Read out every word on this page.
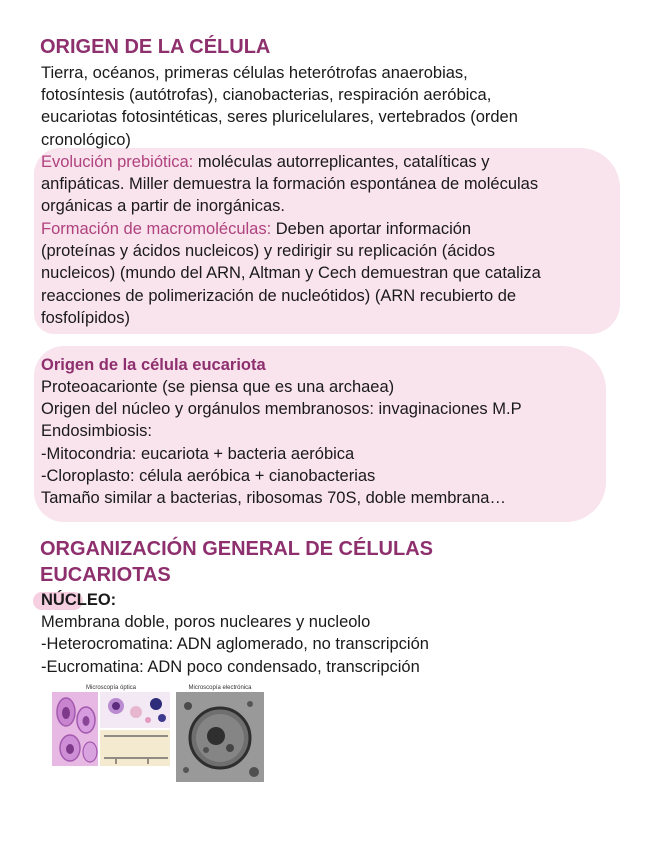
ORIGEN DE LA CÉLULA
Tierra, océanos, primeras células heterótrofas anaerobias,
fotosíntesis (autótrofas), cianobacterias, respiración aeróbica,
eucariotas fotosintéticas, seres pluricelulares, vertebrados (orden
cronológico)
Evolución prebiótica: moléculas autorreplicantes, catalíticas y
anfipáticas. Miller demuestra la formación espontánea de moléculas
orgánicas a partir de inorgánicas.
Formación de macromoléculas: Deben aportar información
(proteínas y ácidos nucleicos) y redirigir su replicación (ácidos
nucleicos) (mundo del ARN, Altman y Cech demuestran que cataliza
reacciones de polimerización de nucleótidos) (ARN recubierto de
fosfolípidos)
Origen de la célula eucariota
Proteoacarionte (se piensa que es una archaea)
Origen del núcleo y orgánulos membranosos: invaginaciones M.P
Endosimbiosis:
-Mitocondria: eucariota + bacteria aeróbica
-Cloroplasto: célula aeróbica + cianobacterias
Tamaño similar a bacterias, ribosomas 70S, doble membrana…
ORGANIZACIÓN GENERAL DE CÉLULAS
EUCARIOTAS
NÚCLEO:
Membrana doble, poros nucleares y nucleolo
-Heterocromatina: ADN aglomerado, no transcripción
-Eucromatina: ADN poco condensado, transcripción
Microscopía óptica	Microscopía electrónica
